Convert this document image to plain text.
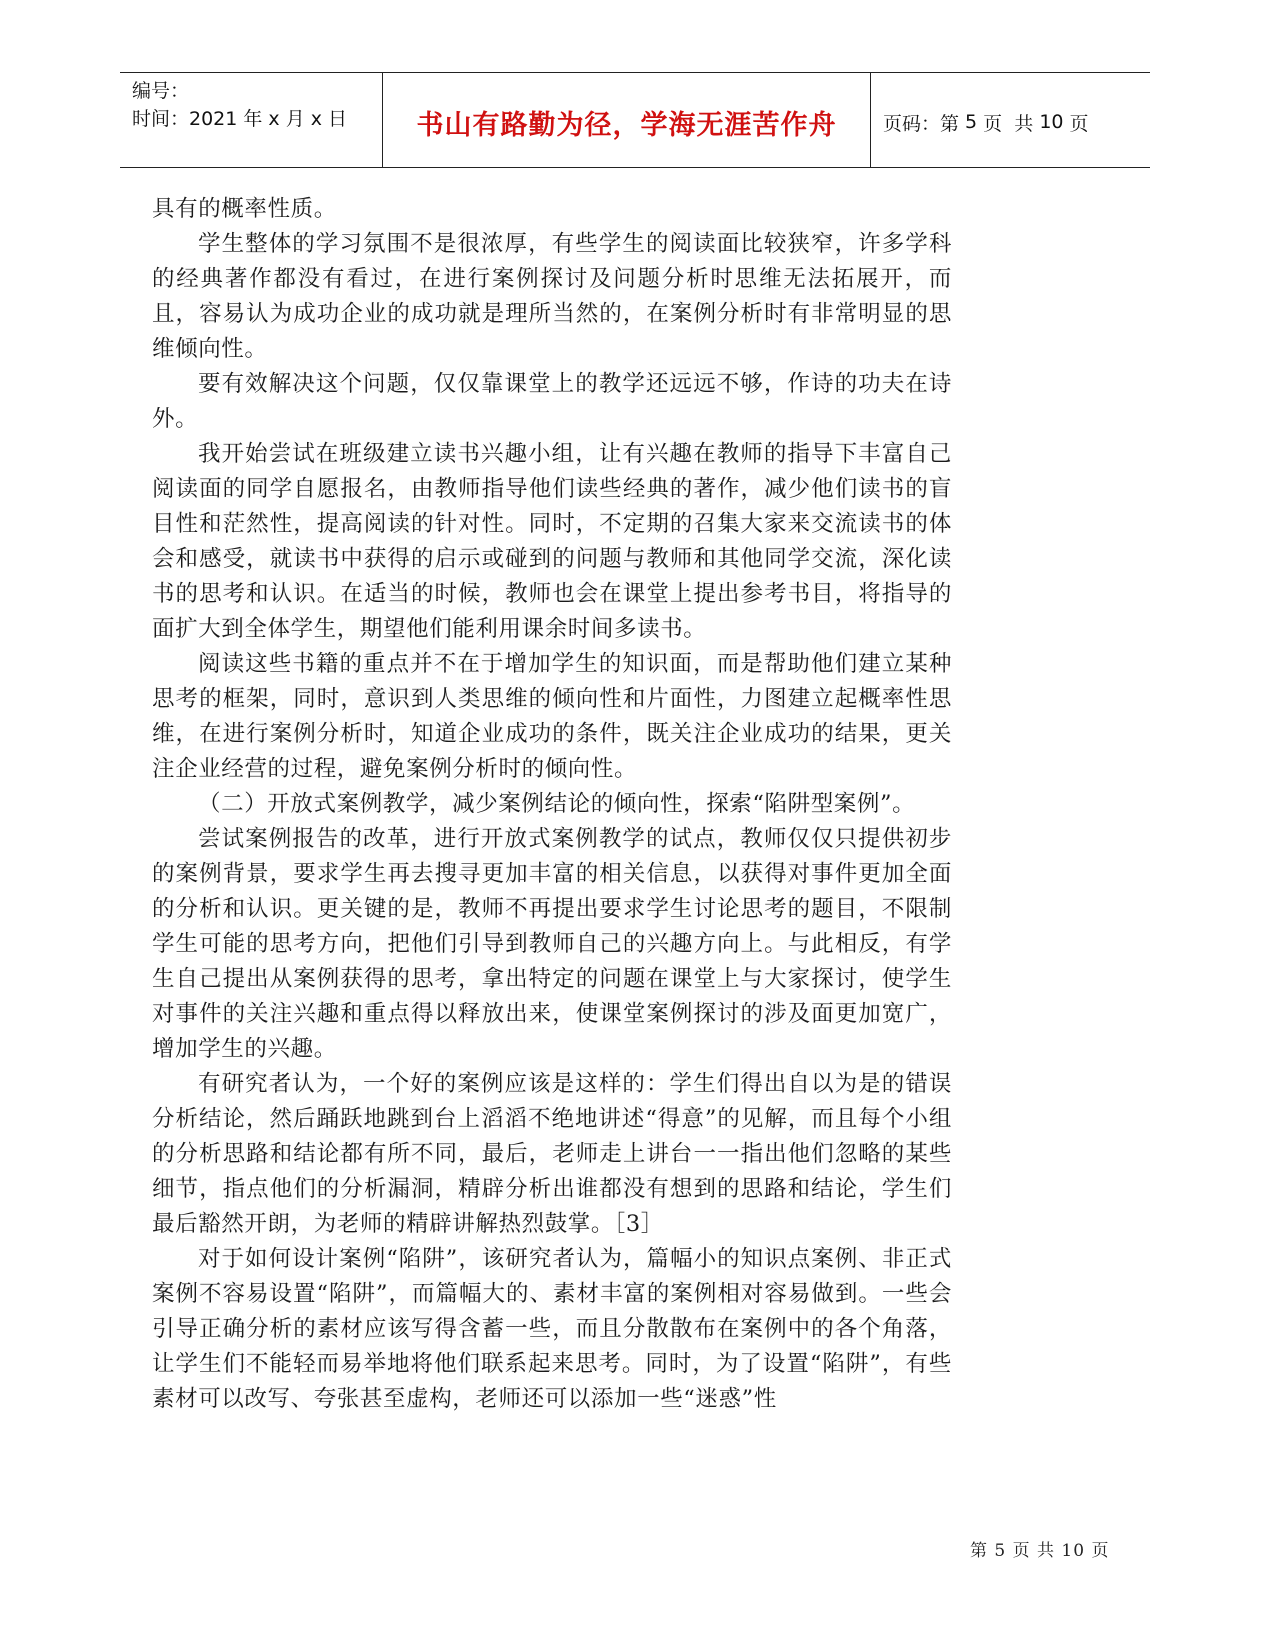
编号：
时间：2021 年 x 月 x 日	书山有路勤为径，学海无涯苦作舟	页码：第 5 页  共 10 页

具有的概率性质。

学生整体的学习氛围不是很浓厚，有些学生的阅读面比较狭窄，许多学科的经典著作都没有看过，在进行案例探讨及问题分析时思维无法拓展开，而且，容易认为成功企业的成功就是理所当然的，在案例分析时有非常明显的思维倾向性。

要有效解决这个问题，仅仅靠课堂上的教学还远远不够，作诗的功夫在诗外。

我开始尝试在班级建立读书兴趣小组，让有兴趣在教师的指导下丰富自己阅读面的同学自愿报名，由教师指导他们读些经典的著作，减少他们读书的盲目性和茫然性，提高阅读的针对性。同时，不定期的召集大家来交流读书的体会和感受，就读书中获得的启示或碰到的问题与教师和其他同学交流，深化读书的思考和认识。在适当的时候，教师也会在课堂上提出参考书目，将指导的面扩大到全体学生，期望他们能利用课余时间多读书。

阅读这些书籍的重点并不在于增加学生的知识面，而是帮助他们建立某种思考的框架，同时，意识到人类思维的倾向性和片面性，力图建立起概率性思维，在进行案例分析时，知道企业成功的条件，既关注企业成功的结果，更关注企业经营的过程，避免案例分析时的倾向性。

（二）开放式案例教学，减少案例结论的倾向性，探索“陷阱型案例”。

尝试案例报告的改革，进行开放式案例教学的试点，教师仅仅只提供初步的案例背景，要求学生再去搜寻更加丰富的相关信息，以获得对事件更加全面的分析和认识。更关键的是，教师不再提出要求学生讨论思考的题目，不限制学生可能的思考方向，把他们引导到教师自己的兴趣方向上。与此相反，有学生自己提出从案例获得的思考，拿出特定的问题在课堂上与大家探讨，使学生对事件的关注兴趣和重点得以释放出来，使课堂案例探讨的涉及面更加宽广，增加学生的兴趣。

有研究者认为，一个好的案例应该是这样的：学生们得出自以为是的错误分析结论，然后踊跃地跳到台上滔滔不绝地讲述“得意”的见解，而且每个小组的分析思路和结论都有所不同，最后，老师走上讲台一一指出他们忽略的某些细节，指点他们的分析漏洞，精辟分析出谁都没有想到的思路和结论，学生们最后豁然开朗，为老师的精辟讲解热烈鼓掌。［3］

对于如何设计案例“陷阱”，该研究者认为，篇幅小的知识点案例、非正式案例不容易设置“陷阱”，而篇幅大的、素材丰富的案例相对容易做到。一些会引导正确分析的素材应该写得含蓄一些，而且分散散布在案例中的各个角落，让学生们不能轻而易举地将他们联系起来思考。同时，为了设置“陷阱”，有些素材可以改写、夸张甚至虚构，老师还可以添加一些“迷惑”性

第 5 页 共 10 页
